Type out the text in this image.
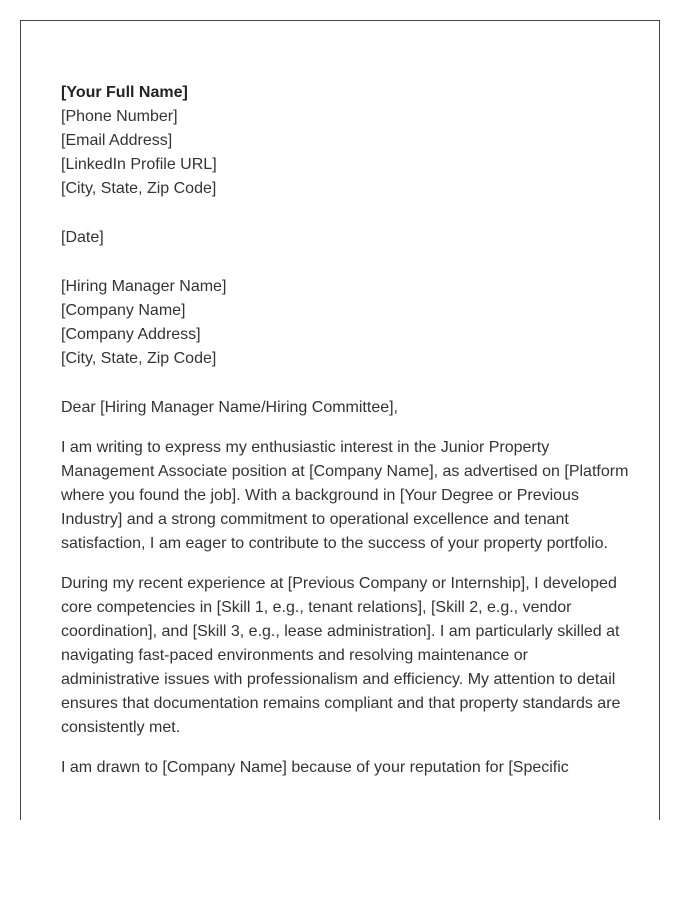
[Your Full Name]
[Phone Number]
[Email Address]
[LinkedIn Profile URL]
[City, State, Zip Code]
[Date]
[Hiring Manager Name]
[Company Name]
[Company Address]
[City, State, Zip Code]

Dear [Hiring Manager Name/Hiring Committee],

I am writing to express my enthusiastic interest in the Junior Property Management Associate position at [Company Name], as advertised on [Platform where you found the job]. With a background in [Your Degree or Previous Industry] and a strong commitment to operational excellence and tenant satisfaction, I am eager to contribute to the success of your property portfolio.

During my recent experience at [Previous Company or Internship], I developed core competencies in [Skill 1, e.g., tenant relations], [Skill 2, e.g., vendor coordination], and [Skill 3, e.g., lease administration]. I am particularly skilled at navigating fast-paced environments and resolving maintenance or administrative issues with professionalism and efficiency. My attention to detail ensures that documentation remains compliant and that property standards are consistently met.

I am drawn to [Company Name] because of your reputation for [Specific
